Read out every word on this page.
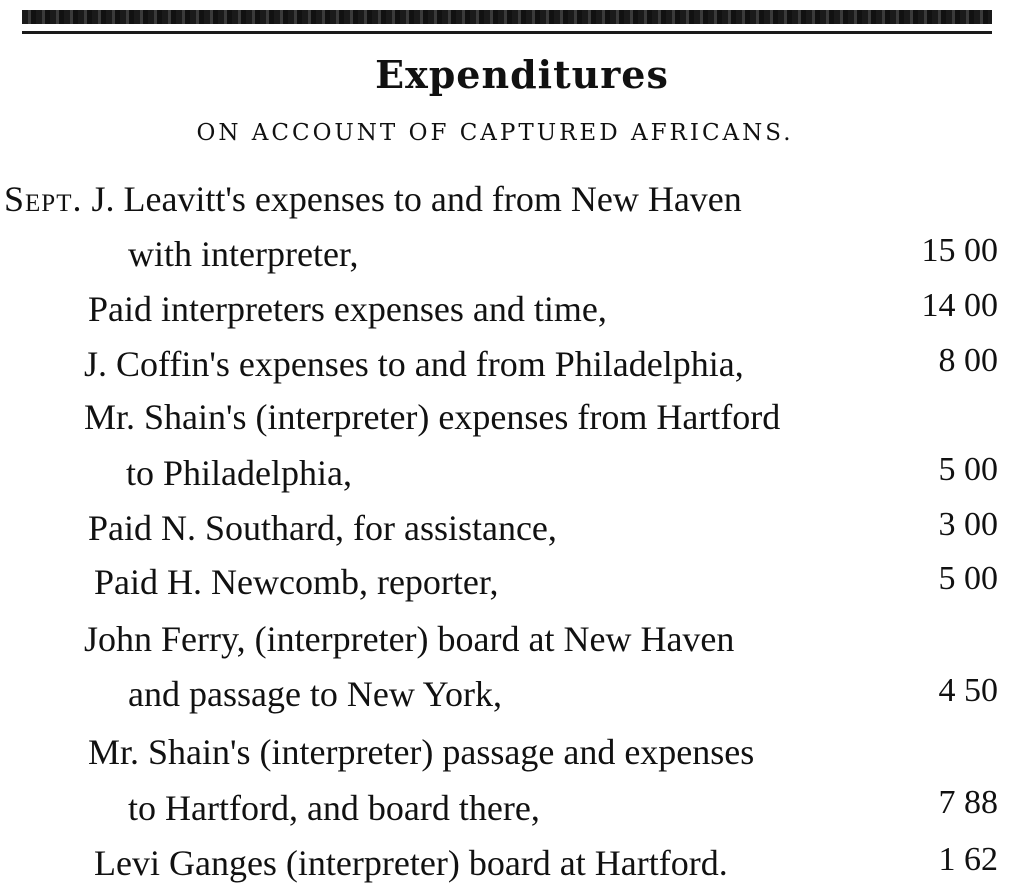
Expenditures
ON ACCOUNT OF CAPTURED AFRICANS.
Sept. J. Leavitt's expenses to and from New Haven
with interpreter,	15 00
Paid interpreters expenses and time,	14 00
J. Coffin's expenses to and from Philadelphia,	8 00
Mr. Shain's (interpreter) expenses from Hartford
to Philadelphia,	5 00
Paid N. Southard, for assistance,	3 00
Paid H. Newcomb, reporter,	5 00
John Ferry, (interpreter) board at New Haven
and passage to New York,	4 50
Mr. Shain's (interpreter) passage and expenses
to Hartford, and board there,	7 88
Levi Ganges (interpreter) board at Hartford.	1 62
